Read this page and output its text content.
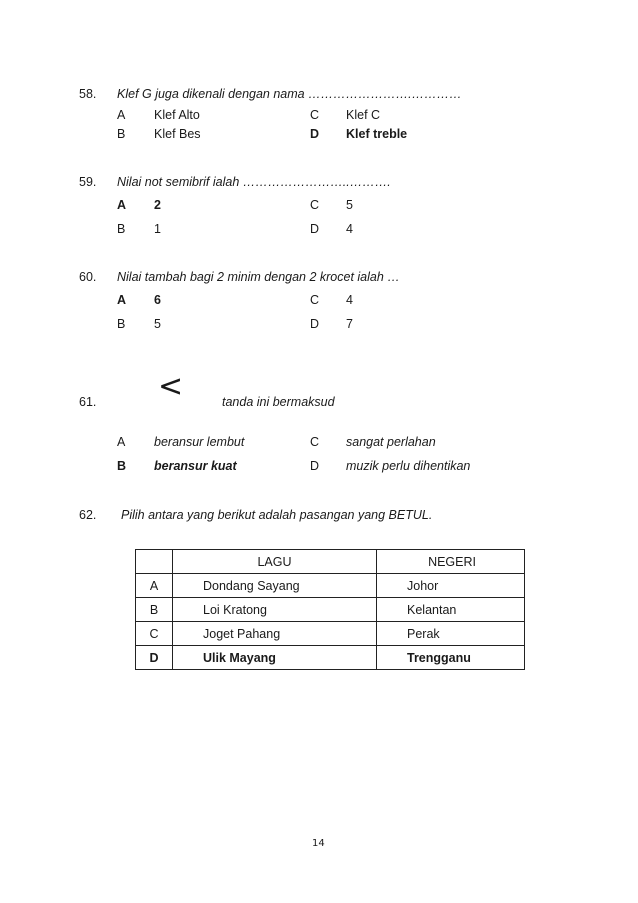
58. Klef G juga dikenali dengan nama …………………….…………
A Klef Alto	C Klef C
B Klef Bes	D Klef treble
59. Nilai not semibrif ialah ……………………..……….
A 2	C 5
B 1	D 4
60. Nilai tambah bagi 2 minim dengan 2 krocet ialah …
A 6	C 4
B 5	D 7
61. <	tanda ini bermaksud
A beransur lembut	C sangat perlahan
B beransur kuat	D muzik perlu dihentikan
62. Pilih antara yang berikut adalah pasangan yang BETUL.
	LAGU	NEGERI
A	Dondang Sayang	Johor
B	Loi Kratong	Kelantan
C	Joget Pahang	Perak
D	Ulik Mayang	Trengganu
14
